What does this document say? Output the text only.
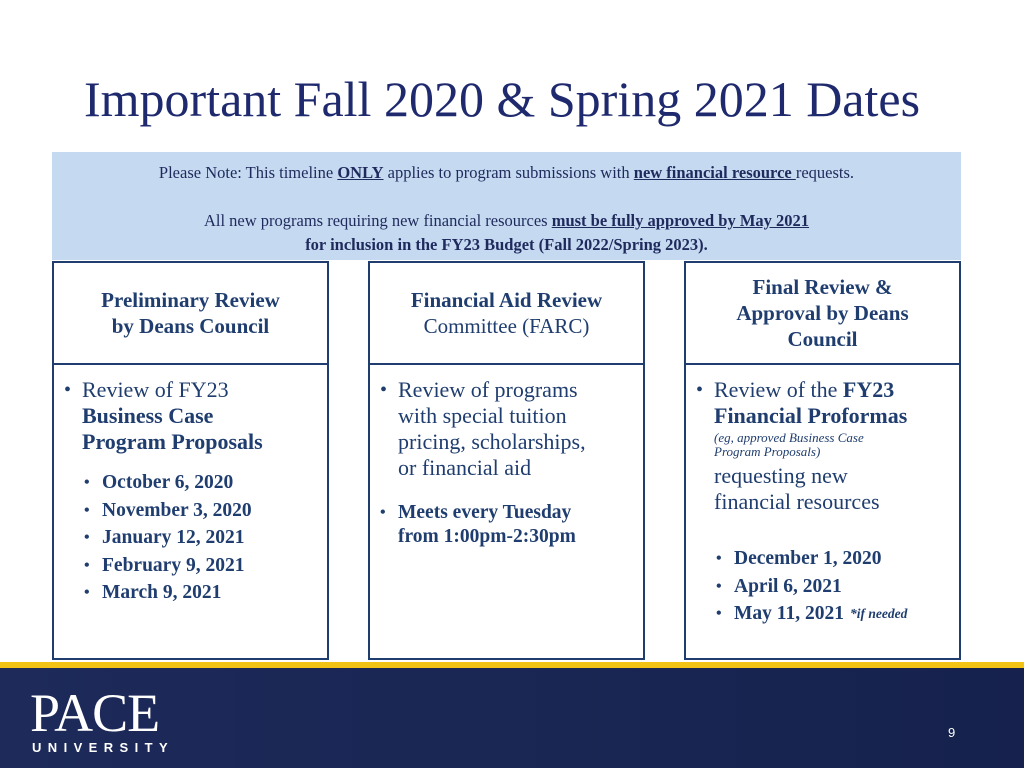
Important Fall 2020 & Spring 2021 Dates
Please Note: This timeline ONLY applies to program submissions with new financial resource requests.
All new programs requiring new financial resources must be fully approved by May 2021
for inclusion in the FY23 Budget (Fall 2022/Spring 2023).
Preliminary Review
by Deans Council
• Review of FY23
Business Case
Program Proposals
• October 6, 2020
• November 3, 2020
• January 12, 2021
• February 9, 2021
• March 9, 2021
Financial Aid Review
Committee (FARC)
• Review of programs
with special tuition
pricing, scholarships,
or financial aid
• Meets every Tuesday
from 1:00pm-2:30pm
Final Review &
Approval by Deans
Council
• Review of the FY23
Financial Proformas
(eg, approved Business Case
Program Proposals)
requesting new
financial resources
• December 1, 2020
• April 6, 2021
• May 11, 2021 *if needed
PACE
UNIVERSITY
9
